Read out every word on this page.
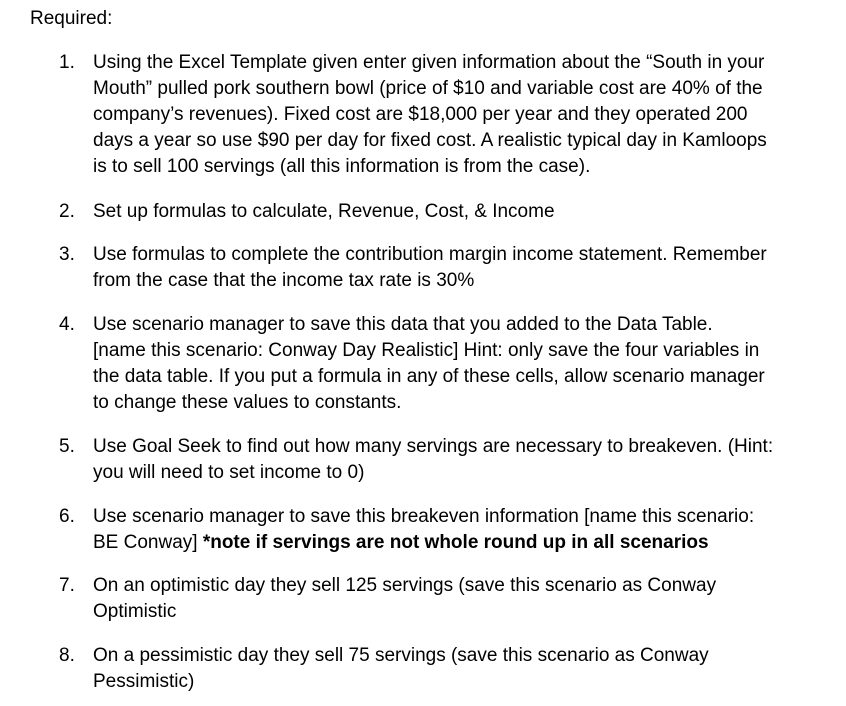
Required:
1. Using the Excel Template given enter given information about the “South in your
Mouth” pulled pork southern bowl (price of $10 and variable cost are 40% of the
company’s revenues). Fixed cost are $18,000 per year and they operated 200
days a year so use $90 per day for fixed cost. A realistic typical day in Kamloops
is to sell 100 servings (all this information is from the case).
2. Set up formulas to calculate, Revenue, Cost, & Income
3. Use formulas to complete the contribution margin income statement. Remember
from the case that the income tax rate is 30%
4. Use scenario manager to save this data that you added to the Data Table.
[name this scenario: Conway Day Realistic] Hint: only save the four variables in
the data table. If you put a formula in any of these cells, allow scenario manager
to change these values to constants.
5. Use Goal Seek to find out how many servings are necessary to breakeven. (Hint:
you will need to set income to 0)
6. Use scenario manager to save this breakeven information [name this scenario:
BE Conway] *note if servings are not whole round up in all scenarios
7. On an optimistic day they sell 125 servings (save this scenario as Conway
Optimistic
8. On a pessimistic day they sell 75 servings (save this scenario as Conway
Pessimistic)
